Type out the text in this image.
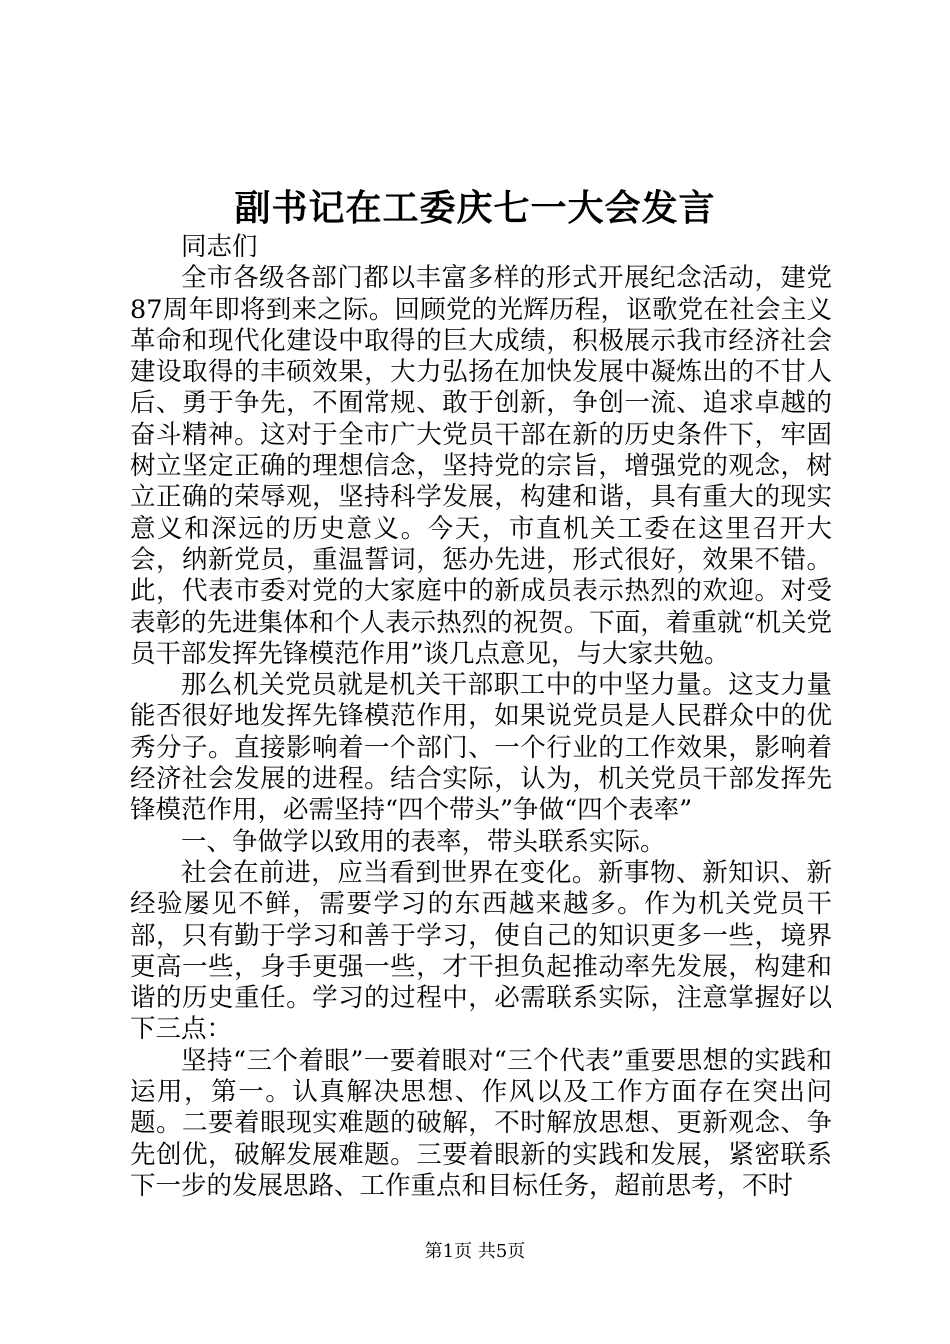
副书记在工委庆七一大会发言

同志们

全市各级各部门都以丰富多样的形式开展纪念活动，建党87周年即将到来之际。回顾党的光辉历程，讴歌党在社会主义革命和现代化建设中取得的巨大成绩，积极展示我市经济社会建设取得的丰硕效果，大力弘扬在加快发展中凝炼出的不甘人后、勇于争先，不囿常规、敢于创新，争创一流、追求卓越的奋斗精神。这对于全市广大党员干部在新的历史条件下，牢固树立坚定正确的理想信念，坚持党的宗旨，增强党的观念，树立正确的荣辱观，坚持科学发展，构建和谐，具有重大的现实意义和深远的历史意义。今天，市直机关工委在这里召开大会，纳新党员，重温誓词，惩办先进，形式很好，效果不错。此，代表市委对党的大家庭中的新成员表示热烈的欢迎。对受表彰的先进集体和个人表示热烈的祝贺。下面，着重就“机关党员干部发挥先锋模范作用”谈几点意见，与大家共勉。

那么机关党员就是机关干部职工中的中坚力量。这支力量能否很好地发挥先锋模范作用，如果说党员是人民群众中的优秀分子。直接影响着一个部门、一个行业的工作效果，影响着经济社会发展的进程。结合实际，认为，机关党员干部发挥先锋模范作用，必需坚持“四个带头”争做“四个表率”

一、争做学以致用的表率，带头联系实际。

社会在前进，应当看到世界在变化。新事物、新知识、新经验屡见不鲜，需要学习的东西越来越多。作为机关党员干部，只有勤于学习和善于学习，使自己的知识更多一些，境界更高一些，身手更强一些，才干担负起推动率先发展，构建和谐的历史重任。学习的过程中，必需联系实际，注意掌握好以下三点：

坚持“三个着眼”一要着眼对“三个代表”重要思想的实践和运用，第一。认真解决思想、作风以及工作方面存在突出问题。二要着眼现实难题的破解，不时解放思想、更新观念、争先创优，破解发展难题。三要着眼新的实践和发展，紧密联系下一步的发展思路、工作重点和目标任务，超前思考，不时

第1页 共5页
